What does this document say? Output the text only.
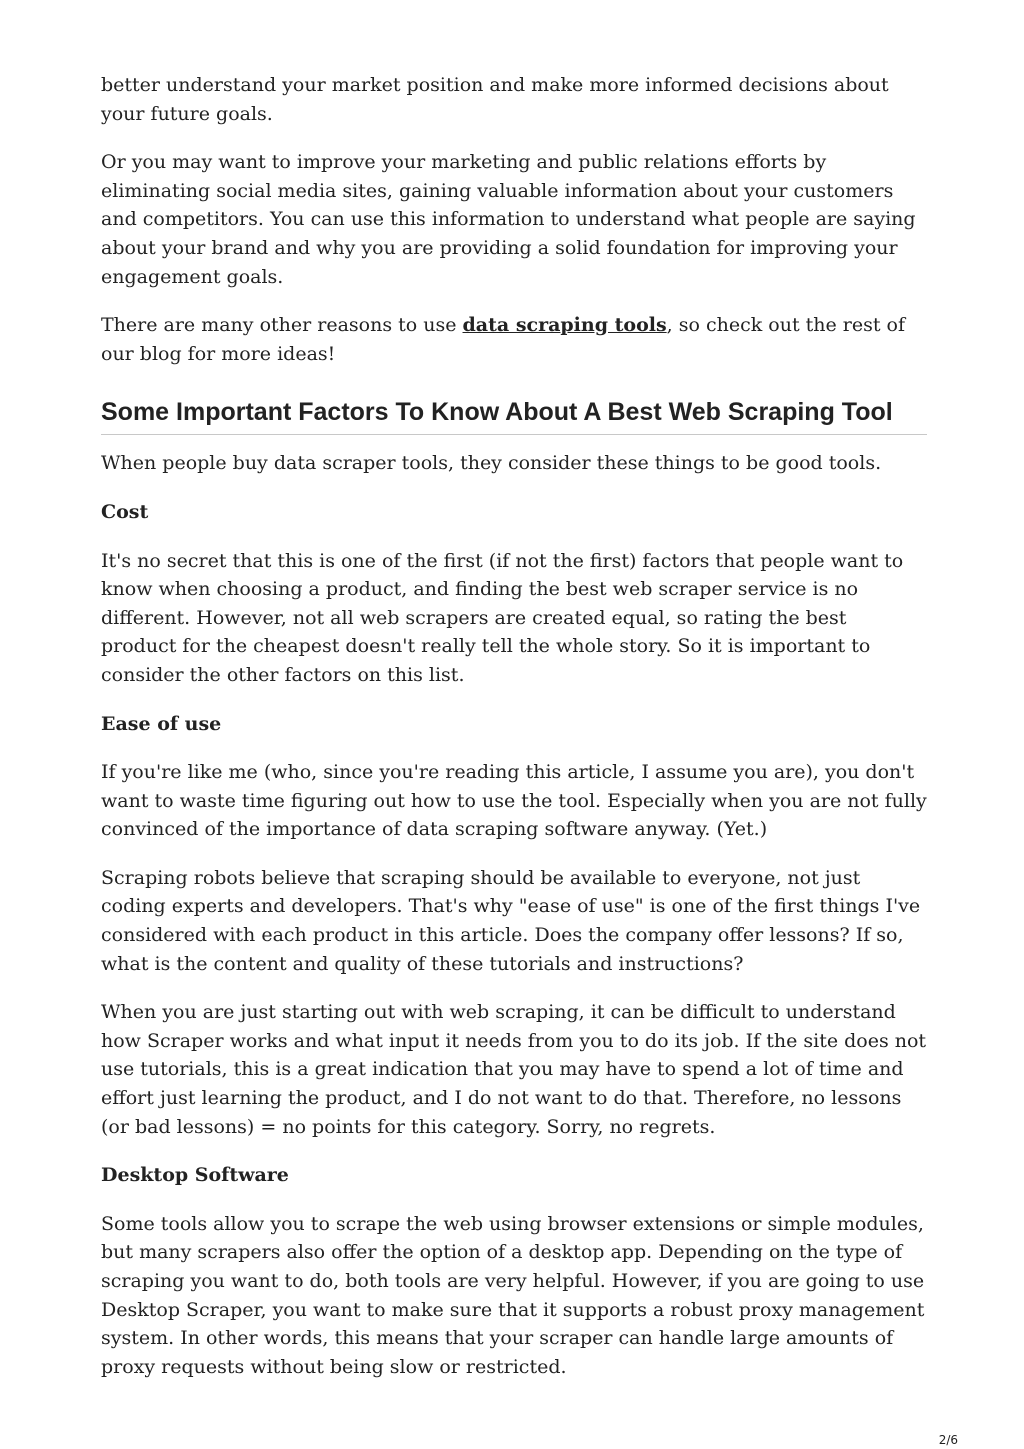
better understand your market position and make more informed decisions about your future goals.

Or you may want to improve your marketing and public relations efforts by eliminating social media sites, gaining valuable information about your customers and competitors. You can use this information to understand what people are saying about your brand and why you are providing a solid foundation for improving your engagement goals.

There are many other reasons to use data scraping tools, so check out the rest of our blog for more ideas!

Some Important Factors To Know About A Best Web Scraping Tool

When people buy data scraper tools, they consider these things to be good tools.

Cost

It's no secret that this is one of the first (if not the first) factors that people want to know when choosing a product, and finding the best web scraper service is no different. However, not all web scrapers are created equal, so rating the best product for the cheapest doesn't really tell the whole story. So it is important to consider the other factors on this list.

Ease of use

If you're like me (who, since you're reading this article, I assume you are), you don't want to waste time figuring out how to use the tool. Especially when you are not fully convinced of the importance of data scraping software anyway. (Yet.)

Scraping robots believe that scraping should be available to everyone, not just coding experts and developers. That's why "ease of use" is one of the first things I've considered with each product in this article. Does the company offer lessons? If so, what is the content and quality of these tutorials and instructions?

When you are just starting out with web scraping, it can be difficult to understand how Scraper works and what input it needs from you to do its job. If the site does not use tutorials, this is a great indication that you may have to spend a lot of time and effort just learning the product, and I do not want to do that. Therefore, no lessons (or bad lessons) = no points for this category. Sorry, no regrets.

Desktop Software

Some tools allow you to scrape the web using browser extensions or simple modules, but many scrapers also offer the option of a desktop app. Depending on the type of scraping you want to do, both tools are very helpful. However, if you are going to use Desktop Scraper, you want to make sure that it supports a robust proxy management system. In other words, this means that your scraper can handle large amounts of proxy requests without being slow or restricted.

2/6
